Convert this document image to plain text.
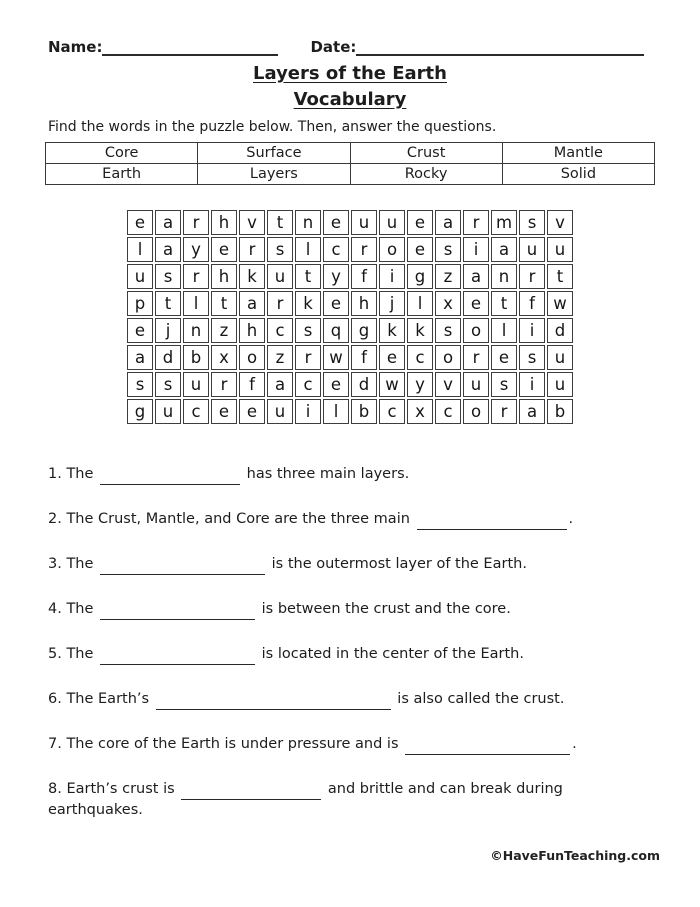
Name:	Date:
Layers of the Earth
Vocabulary

Find the words in the puzzle below. Then, answer the questions.

Core	Surface	Crust	Mantle
Earth	Layers	Rocky	Solid
e	a	r	h	v	t	n	e	u	u	e	a	r	m	s	v
l	a	y	e	r	s	l	c	r	o	e	s	i	a	u	u
u	s	r	h	k	u	t	y	f	i	g	z	a	n	r	t
p	t	l	t	a	r	k	e	h	j	l	x	e	t	f	w
e	j	n	z	h	c	s	q	g	k	k	s	o	l	i	d
a	d	b	x	o	z	r	w	f	e	c	o	r	e	s	u
s	s	u	r	f	a	c	e	d	w	y	v	u	s	i	u
g	u	c	e	e	u	i	l	b	c	x	c	o	r	a	b
1. The	has three main layers.
2. The Crust, Mantle, and Core are the three main	.
3. The	is the outermost layer of the Earth.
4. The	is between the crust and the core.
5. The	is located in the center of the Earth.
6. The Earth’s	is also called the crust.
7. The core of the Earth is under pressure and is	.
8. Earth’s crust is	and brittle and can break during
earthquakes.
©HaveFunTeaching.com
